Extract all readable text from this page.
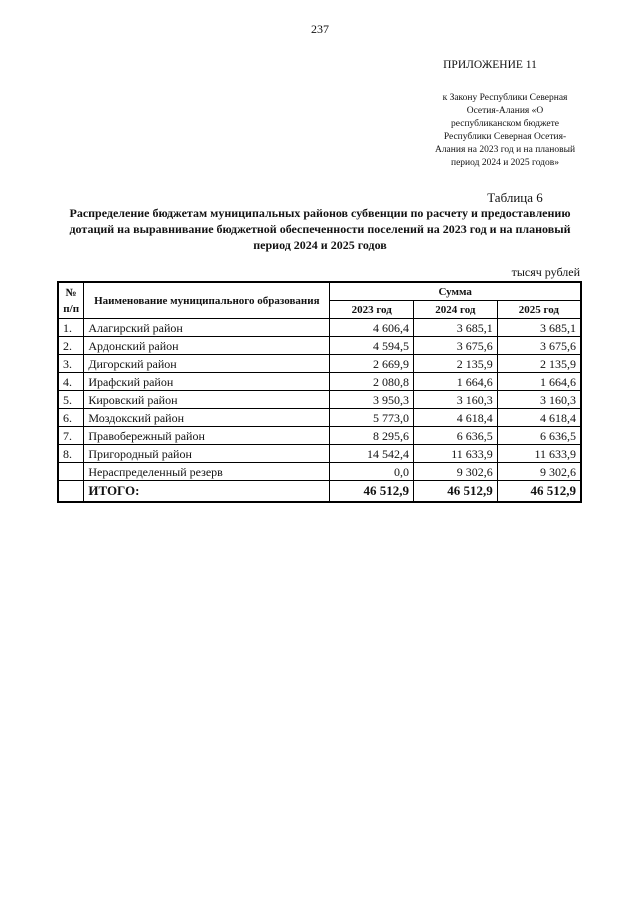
237
ПРИЛОЖЕНИЕ 11
к Закону Республики Северная
Осетия-Алания «О
республиканском бюджете
Республики Северная Осетия-
Алания на 2023 год и на плановый
период 2024 и 2025 годов»
Таблица 6
Распределение бюджетам муниципальных районов субвенции по расчету и предоставлению
дотаций на выравнивание бюджетной обеспеченности поселений на 2023 год и на плановый
период 2024 и 2025 годов
тысяч рублей
№ п/п	Наименование муниципального образования	Сумма		
		2023 год	2024 год	2025 год
1.	Алагирский район	4 606,4	3 685,1	3 685,1
2.	Ардонский район	4 594,5	3 675,6	3 675,6
3.	Дигорский район	2 669,9	2 135,9	2 135,9
4.	Ирафский район	2 080,8	1 664,6	1 664,6
5.	Кировский район	3 950,3	3 160,3	3 160,3
6.	Моздокский район	5 773,0	4 618,4	4 618,4
7.	Правобережный район	8 295,6	6 636,5	6 636,5
8.	Пригородный район	14 542,4	11 633,9	11 633,9
	Нераспределенный резерв	0,0	9 302,6	9 302,6
	ИТОГО:	46 512,9	46 512,9	46 512,9
